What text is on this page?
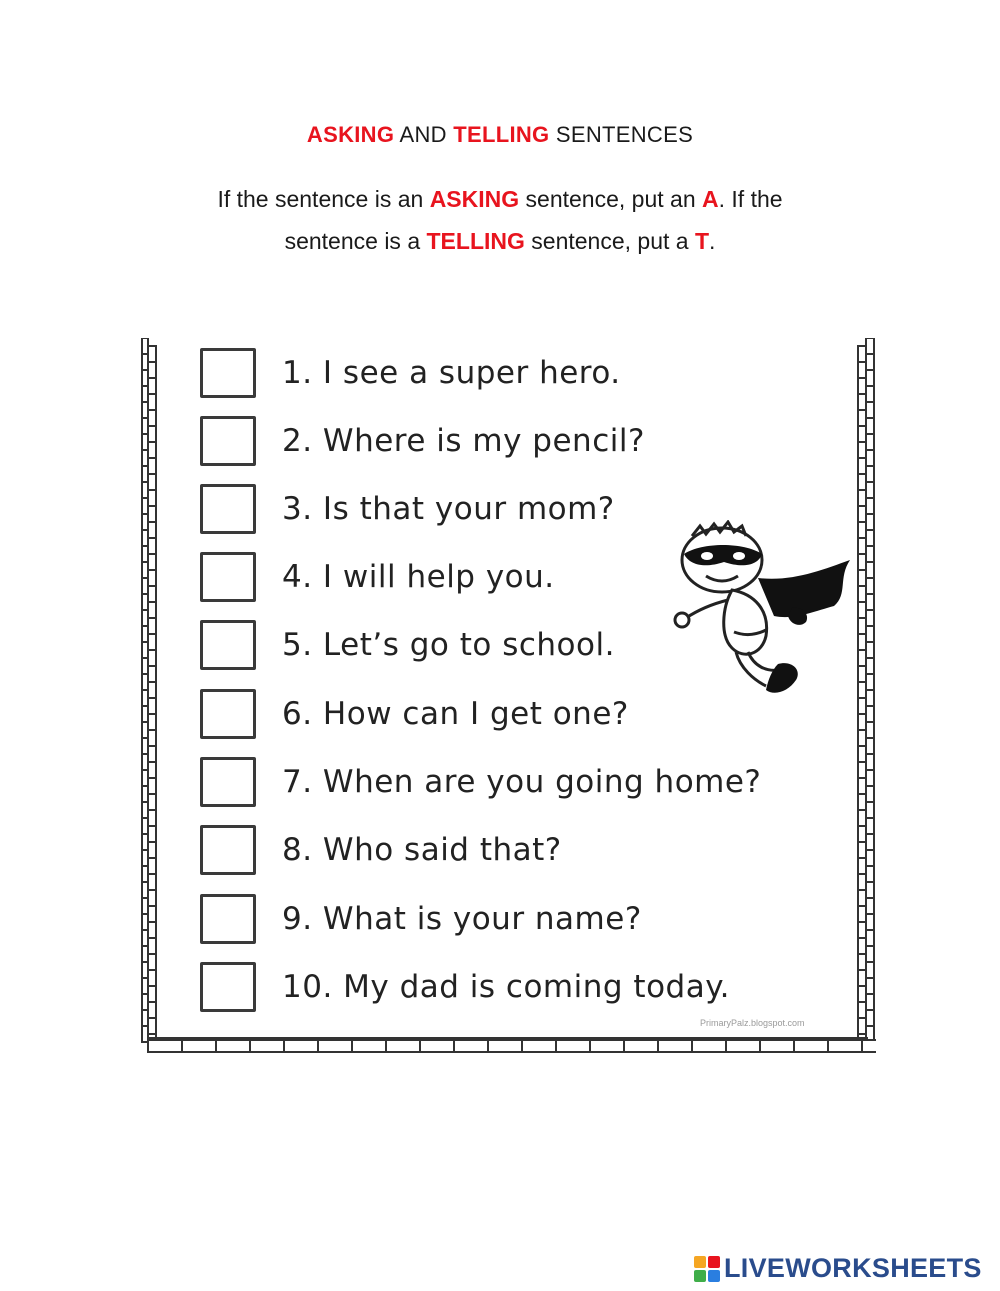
ASKING AND TELLING SENTENCES
If the sentence is an ASKING sentence, put an A. If the
sentence is a TELLING sentence, put a T.
1. I see a super hero.
2. Where is my pencil?
3. Is that your mom?
4. I will help you.
5. Let’s go to school.
6. How can I get one?
7. When are you going home?
8. Who said that?
9. What is your name?
10. My dad is coming today.
PrimaryPalz.blogspot.com
LIVEWORKSHEETS
